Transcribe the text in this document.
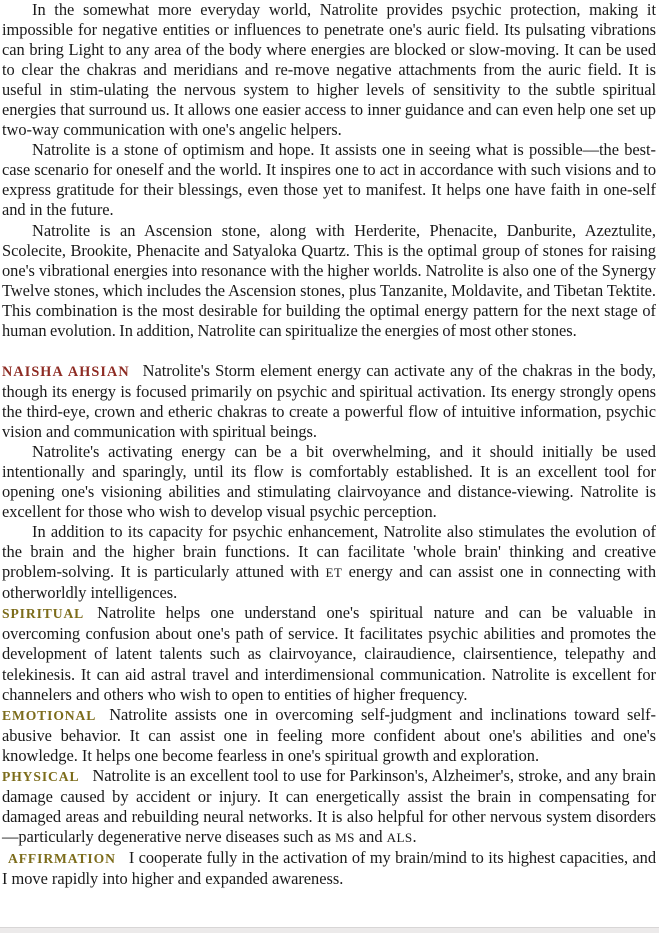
In the somewhat more everyday world, Natrolite provides psychic protection, making it impossible for negative entities or influences to penetrate one's auric field. Its pulsating vibrations can bring Light to any area of the body where energies are blocked or slow-moving. It can be used to clear the chakras and meridians and re-move negative attachments from the auric field. It is useful in stim-ulating the nervous system to higher levels of sensitivity to the subtle spiritual energies that surround us. It allows one easier access to inner guidance and can even help one set up two-way communication with one's angelic helpers.

Natrolite is a stone of optimism and hope. It assists one in seeing what is possible—the best-case scenario for oneself and the world. It inspires one to act in accordance with such visions and to express gratitude for their blessings, even those yet to manifest. It helps one have faith in one-self and in the future.

Natrolite is an Ascension stone, along with Herderite, Phenacite, Danburite, Azeztulite, Scolecite, Brookite, Phenacite and Satyaloka Quartz. This is the optimal group of stones for raising one's vibrational energies into resonance with the higher worlds. Natrolite is also one of the Synergy Twelve stones, which includes the Ascension stones, plus Tanzanite, Moldavite, and Tibetan Tektite. This combination is the most desirable for building the optimal energy pattern for the next stage of human evolution. In addition, Natrolite can spiritualize the energies of most other stones.

NAISHA AHSIAN Natrolite's Storm element energy can activate any of the chakras in the body, though its energy is focused primarily on psychic and spiritual activation. Its energy strongly opens the third-eye, crown and etheric chakras to create a powerful flow of intuitive information, psychic vision and communication with spiritual beings.

Natrolite's activating energy can be a bit overwhelming, and it should initially be used intentionally and sparingly, until its flow is comfortably established. It is an excellent tool for opening one's visioning abilities and stimulating clairvoyance and distance-viewing. Natrolite is excellent for those who wish to develop visual psychic perception.

In addition to its capacity for psychic enhancement, Natrolite also stimulates the evolution of the brain and the higher brain functions. It can facilitate 'whole brain' thinking and creative problem-solving. It is particularly attuned with ET energy and can assist one in connecting with otherworldly intelligences.

SPIRITUAL Natrolite helps one understand one's spiritual nature and can be valuable in overcoming confusion about one's path of service. It facilitates psychic abilities and promotes the development of latent talents such as clairvoyance, clairaudience, clairsentience, telepathy and telekinesis. It can aid astral travel and interdimensional communication. Natrolite is excellent for channelers and others who wish to open to entities of higher frequency.

EMOTIONAL Natrolite assists one in overcoming self-judgment and inclinations toward self-abusive behavior. It can assist one in feeling more confident about one's abilities and one's knowledge. It helps one become fearless in one's spiritual growth and exploration.

PHYSICAL Natrolite is an excellent tool to use for Parkinson's, Alzheimer's, stroke, and any brain damage caused by accident or injury. It can energetically assist the brain in compensating for damaged areas and rebuilding neural networks. It is also helpful for other nervous system disorders—particularly degenerative nerve diseases such as MS and ALS.

AFFIRMATION I cooperate fully in the activation of my brain/mind to its highest capacities, and I move rapidly into higher and expanded awareness.
